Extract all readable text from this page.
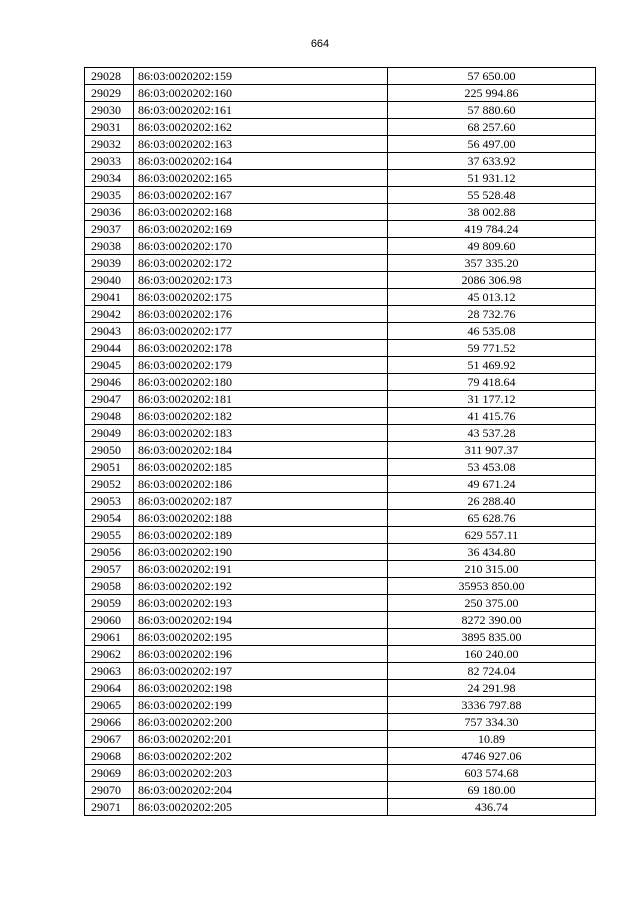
664
29028	86:03:0020202:159	57 650.00
29029	86:03:0020202:160	225 994.86
29030	86:03:0020202:161	57 880.60
29031	86:03:0020202:162	68 257.60
29032	86:03:0020202:163	56 497.00
29033	86:03:0020202:164	37 633.92
29034	86:03:0020202:165	51 931.12
29035	86:03:0020202:167	55 528.48
29036	86:03:0020202:168	38 002.88
29037	86:03:0020202:169	419 784.24
29038	86:03:0020202:170	49 809.60
29039	86:03:0020202:172	357 335.20
29040	86:03:0020202:173	2086 306.98
29041	86:03:0020202:175	45 013.12
29042	86:03:0020202:176	28 732.76
29043	86:03:0020202:177	46 535.08
29044	86:03:0020202:178	59 771.52
29045	86:03:0020202:179	51 469.92
29046	86:03:0020202:180	79 418.64
29047	86:03:0020202:181	31 177.12
29048	86:03:0020202:182	41 415.76
29049	86:03:0020202:183	43 537.28
29050	86:03:0020202:184	311 907.37
29051	86:03:0020202:185	53 453.08
29052	86:03:0020202:186	49 671.24
29053	86:03:0020202:187	26 288.40
29054	86:03:0020202:188	65 628.76
29055	86:03:0020202:189	629 557.11
29056	86:03:0020202:190	36 434.80
29057	86:03:0020202:191	210 315.00
29058	86:03:0020202:192	35953 850.00
29059	86:03:0020202:193	250 375.00
29060	86:03:0020202:194	8272 390.00
29061	86:03:0020202:195	3895 835.00
29062	86:03:0020202:196	160 240.00
29063	86:03:0020202:197	82 724.04
29064	86:03:0020202:198	24 291.98
29065	86:03:0020202:199	3336 797.88
29066	86:03:0020202:200	757 334.30
29067	86:03:0020202:201	10.89
29068	86:03:0020202:202	4746 927.06
29069	86:03:0020202:203	603 574.68
29070	86:03:0020202:204	69 180.00
29071	86:03:0020202:205	436.74
